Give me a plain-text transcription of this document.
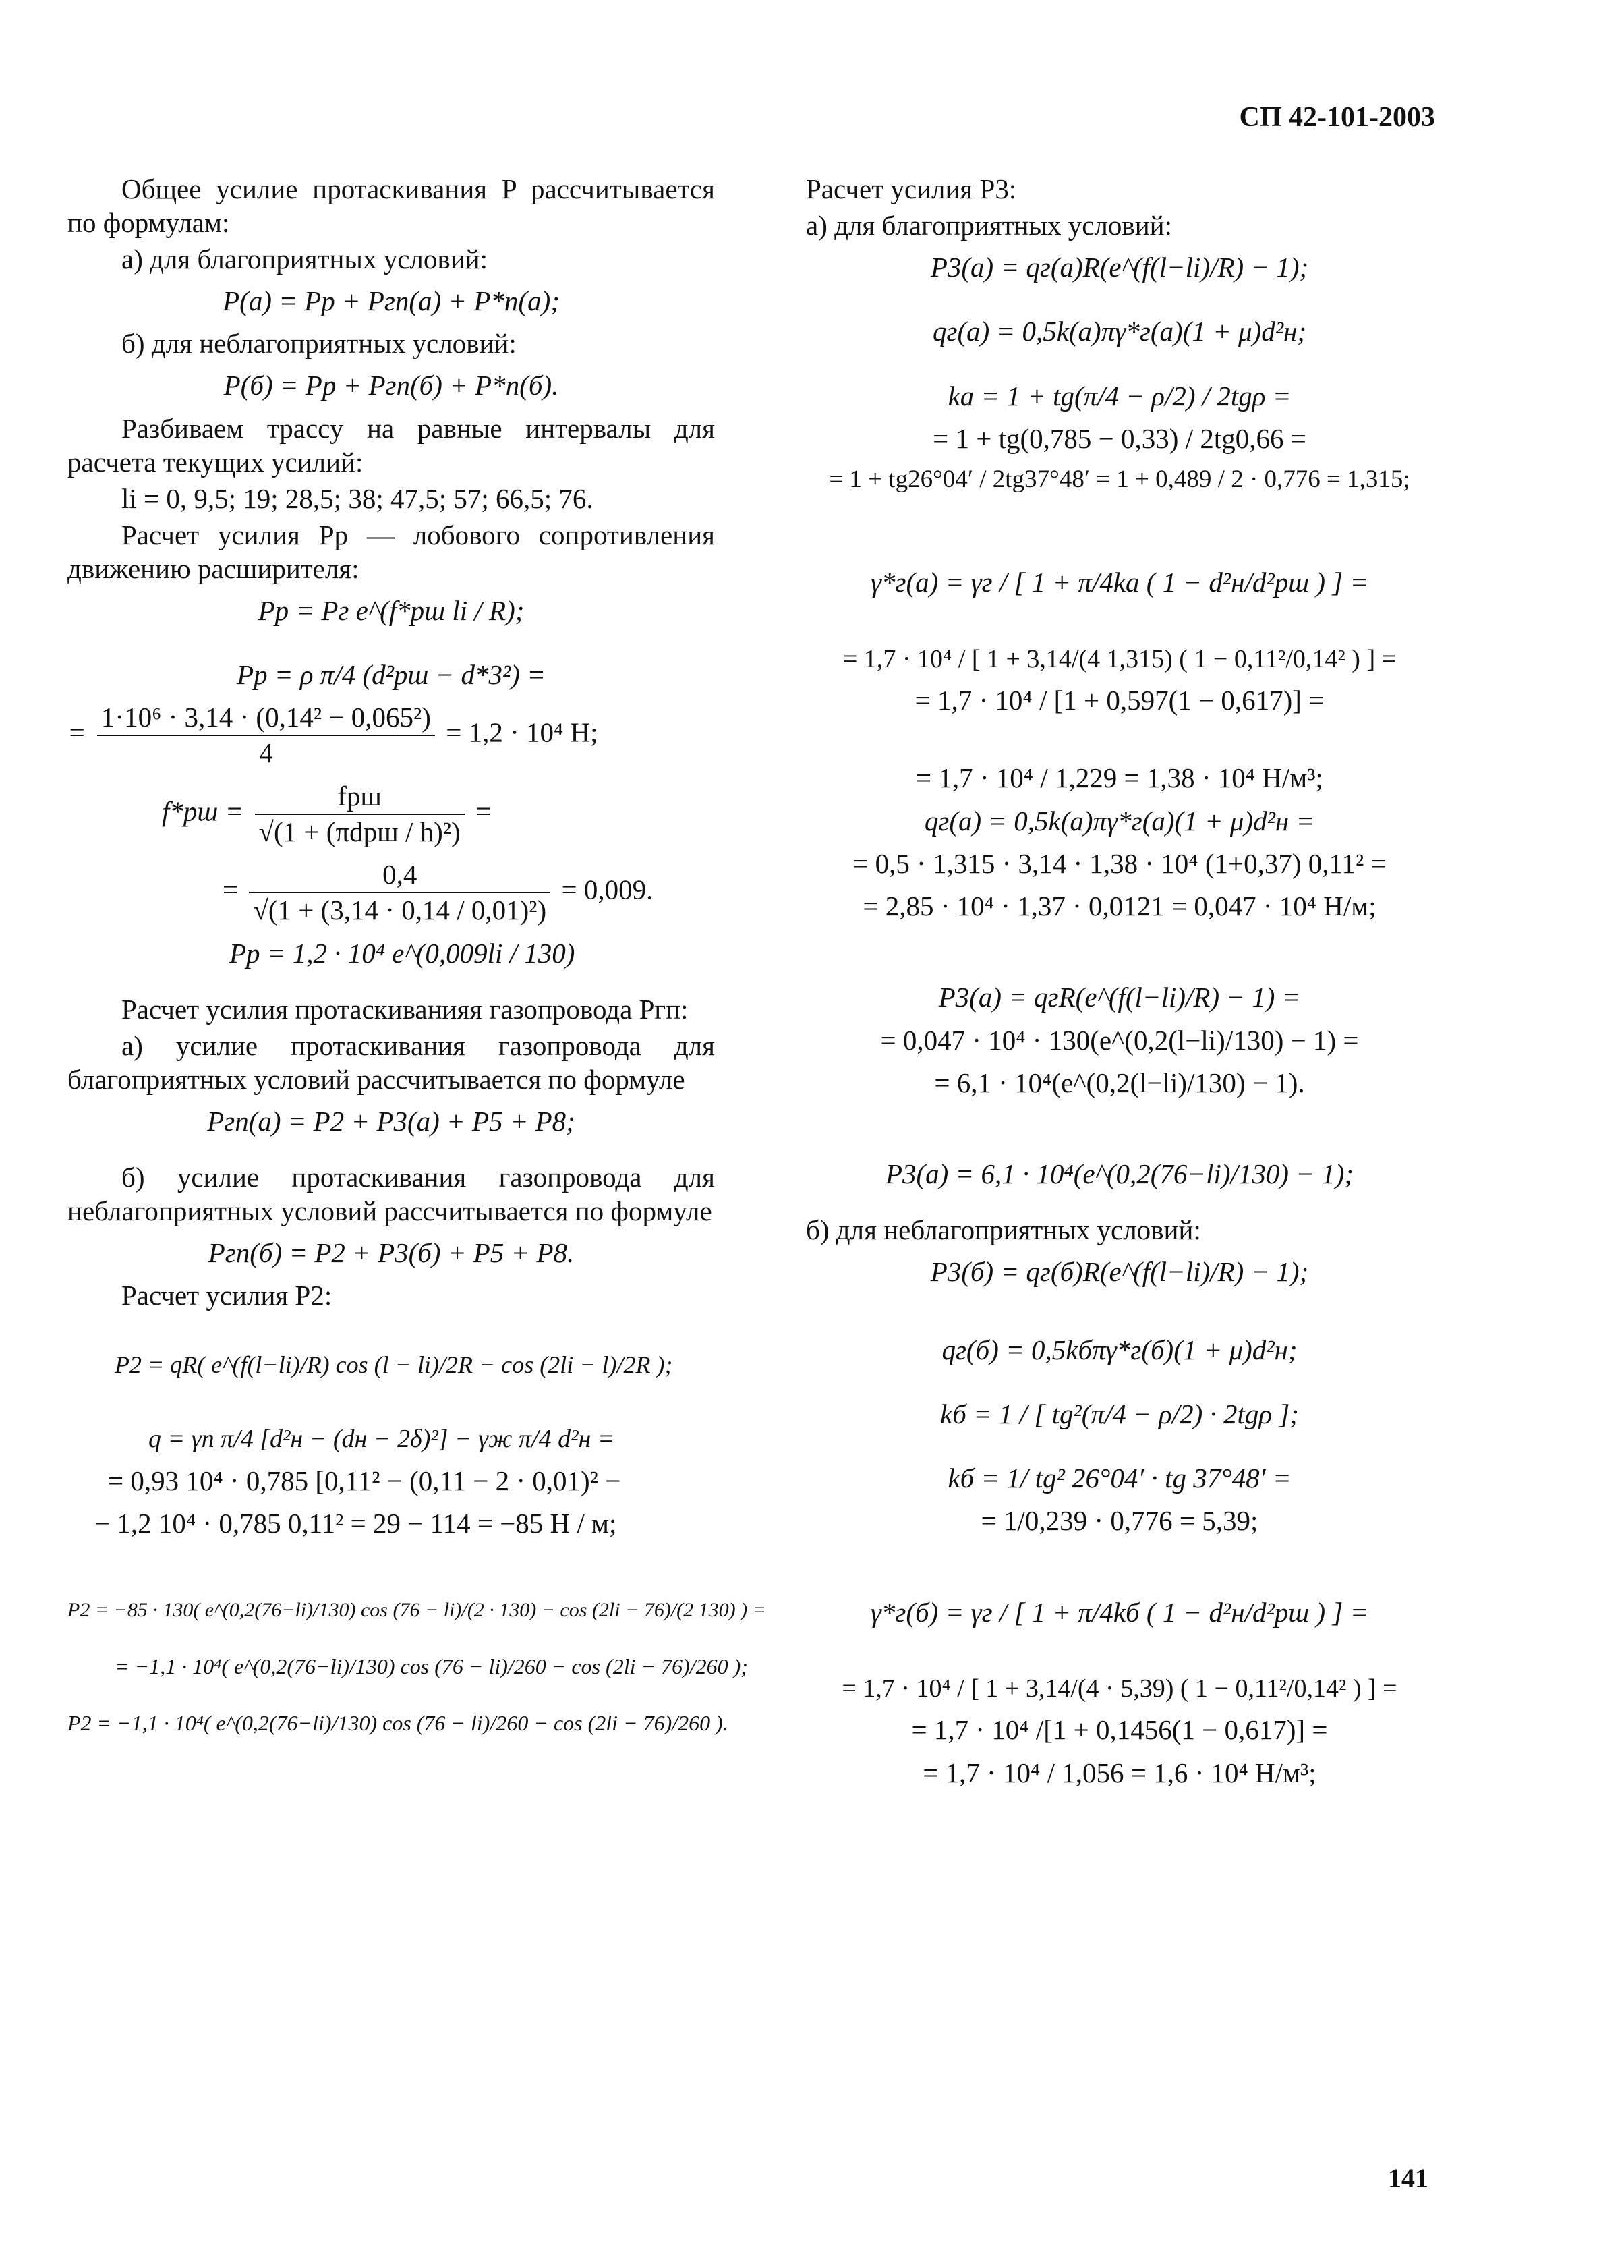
СП 42-101-2003

Общее усилие протаскивания P рассчитывается по формулам:

а) для благоприятных условий:

P(а) = Pр + Pгп(а) + P*п(а);

б) для неблагоприятных условий:

P(б) = Pр + Pгп(б) + P*п(б).

Разбиваем трассу на равные интервалы для расчета текущих усилий:

li = 0, 9,5; 19; 28,5; 38; 47,5; 57; 66,5; 76.

Расчет усилия Pр — лобового сопротивления движению расширителя:

Pр = Pг e^(f*рш li / R);
Pр = ρ π/4 (d²рш − d*3²) =
= $\frac{\text{1·10⁶ · 3,14 · (0,14² − 0,065²)}}{4} = 1,2 \cdot 10^4$ Н;
$f*рш = \frac{\text{fрш}}{\text{√(1 + (πdрш / h)²)}}$ =
= $\frac{0,4}{\text{√(1 + (3,14 · 0,14 / 0,01)²)}} = 0,009$.
Pр = 1,2 · 10⁴ e^(0,009li / 130)

Расчет усилия протаскиванияя газопровода Pгп:

а) усилие протаскивания газопровода для благоприятных условий рассчитывается по формуле

Pгп(а) = P2 + P3(а) + P5 + P8;

б) усилие протаскивания газопровода для неблагоприятных условий рассчитывается по формуле

Pгп(б) = P2 + P3(б) + P5 + P8.

Расчет усилия P2:

P2 = qR( e^(f(l−li)/R) cos (l − li)/2R − cos (2li − l)/2R );
q = γп π/4 [d²н − (dн − 2δ)²] − γж π/4 d²н =
= 0,93 10⁴ · 0,785 [0,11² − (0,11 − 2 · 0,01)² −
− 1,2 10⁴ · 0,785 0,11² = 29 − 114 = −85 Н / м;
P2 = −85 · 130( e^(0,2(76−li)/130) cos (76 − li)/(2 · 130) − cos (2li − 76)/(2 130) ) =
= −1,1 · 10⁴( e^(0,2(76−li)/130) cos (76 − li)/260 − cos (2li − 76)/260 );
P2 = −1,1 · 10⁴( e^(0,2(76−li)/130) cos (76 − li)/260 − cos (2li − 76)/260 ).

Расчет усилия P3:

а) для благоприятных условий:

P3(а) = qг(а)R(e^(f(l−li)/R) − 1);
qг(а) = 0,5k(а)πγ*г(а)(1 + μ)d²н;
kа = 1 + tg(π/4 − ρ/2) / 2tgρ =
= 1 + tg(0,785 − 0,33) / 2tg0,66 =
= 1 + tg26°04′ / 2tg37°48′ = 1 + 0,489 / 2 · 0,776 = 1,315;
γ*г(а) = γг / [ 1 + π/4kа ( 1 − d²н/d²рш ) ] =
= 1,7 · 10⁴ / [ 1 + 3,14/(4 1,315) ( 1 − 0,11²/0,14² ) ] =
= 1,7 · 10⁴ / [1 + 0,597(1 − 0,617)] =
= 1,7 · 10⁴ / 1,229 = 1,38 · 10⁴ Н/м³;
qг(а) = 0,5k(а)πγ*г(а)(1 + μ)d²н =
= 0,5 · 1,315 · 3,14 · 1,38 · 10⁴ (1+0,37) 0,11² =
= 2,85 · 10⁴ · 1,37 · 0,0121 = 0,047 · 10⁴ Н/м;
P3(а) = qгR(e^(f(l−li)/R) − 1) =
= 0,047 · 10⁴ · 130(e^(0,2(l−li)/130) − 1) =
= 6,1 · 10⁴(e^(0,2(l−li)/130) − 1).
P3(а) = 6,1 · 10⁴(e^(0,2(76−li)/130) − 1);

б) для неблагоприятных условий:

P3(б) = qг(б)R(e^(f(l−li)/R) − 1);
qг(б) = 0,5kбπγ*г(б)(1 + μ)d²н;
kб = 1 / [ tg²(π/4 − ρ/2) · 2tgρ ];
kб = 1/ tg² 26°04′ · tg 37°48′ =
= 1/0,239 · 0,776 = 5,39;
γ*г(б) = γг / [ 1 + π/4kб ( 1 − d²н/d²рш ) ] =
= 1,7 · 10⁴ / [ 1 + 3,14/(4 · 5,39) ( 1 − 0,11²/0,14² ) ] =
= 1,7 · 10⁴ /[1 + 0,1456(1 − 0,617)] =
= 1,7 · 10⁴ / 1,056 = 1,6 · 10⁴ Н/м³;
141
